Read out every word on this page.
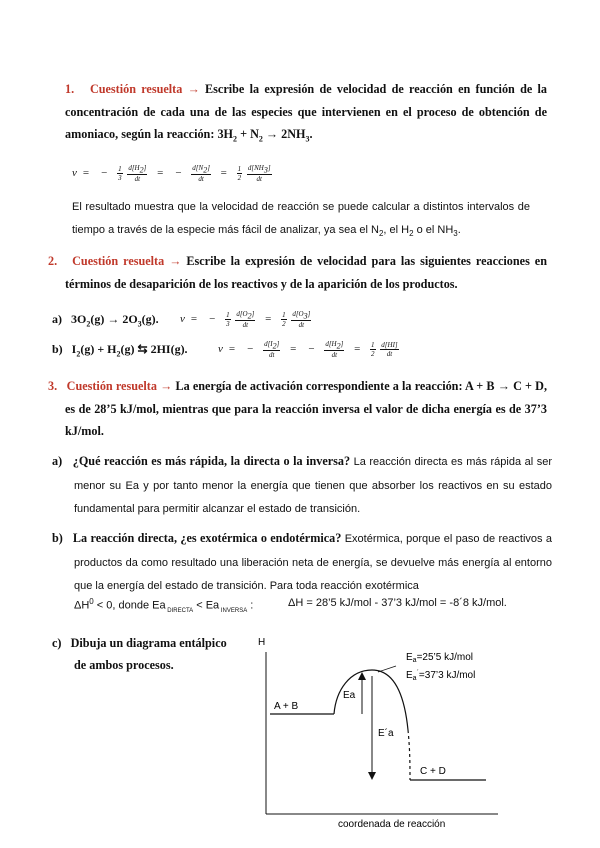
1. Cuestión resuelta → Escribe la expresión de velocidad de reacción en función de la concentración de cada una de las especies que intervienen en el proceso de obtención de amoniaco, según la reacción: $3H_2 + N_2 \to 2NH_3$.
v = − $\frac{1}{3}$
$\frac{d[H_2]}{dt}$ = − $\frac{d[N_2]}{dt} = \frac{1}{2}$
$\frac{d[NH_3]}{dt}$
El resultado muestra que la velocidad de reacción se puede calcular a distintos intervalos de tiempo a través de la especie más fácil de analizar, ya sea el $N_2$, el $H_2$ o el $NH_3$.
2. Cuestión resuelta → Escribe la expresión de velocidad para las siguientes reacciones en términos de desaparición de los reactivos y de la aparición de los productos.
a) $3O_2(g) \to 2O_3(g)$. v = − $\frac{1}{3}$
$\frac{d[O_2]}{dt} = \frac{1}{2}$
$\frac{d[O_3]}{dt}$
b) $I_2(g) + H_2(g)$ ⇆ 2HI(g).	v = − $\frac{d[I_2]}{dt}$ = − $\frac{d[H_2]}{dt} = \frac{1}{2}$
$\frac{d[HI]}{dt}$
3. Cuestión resuelta → La energía de activación correspondiente a la reacción: A + B → C + D, es de 28’5 kJ/mol, mientras que para la reacción inversa el valor de dicha energía es de 37’3 kJ/mol.
a) ¿Qué reacción es más rápida, la directa o la inversa? La reacción directa es más rápida al ser menor su Ea y por tanto menor la energía que tienen que absorber los reactivos en su estado fundamental para permitir alcanzar el estado de transición.
b) La reacción directa, ¿es exotérmica o endotérmica? Exotérmica, porque el paso de reactivos a productos da como resultado una liberación neta de energía, se devuelve más energía al entorno que la energía del estado de transición. Para toda reacción exotérmica
$\Delta H^0 < 0$, donde Ea $_{DIRECTA}$ < Ea $_{INVERSA}$ :	ΔH = 28’5 kJ/mol - 37’3 kJ/mol = -8´8 kJ/mol.
c) Dibuja un diagrama entálpico
de ambos procesos.
H
coordenada de reacción
A + B
C + D
Ea
E´a
$E_a=25’5$ kJ/mol
$E_a^´=37’3$ kJ/mol
